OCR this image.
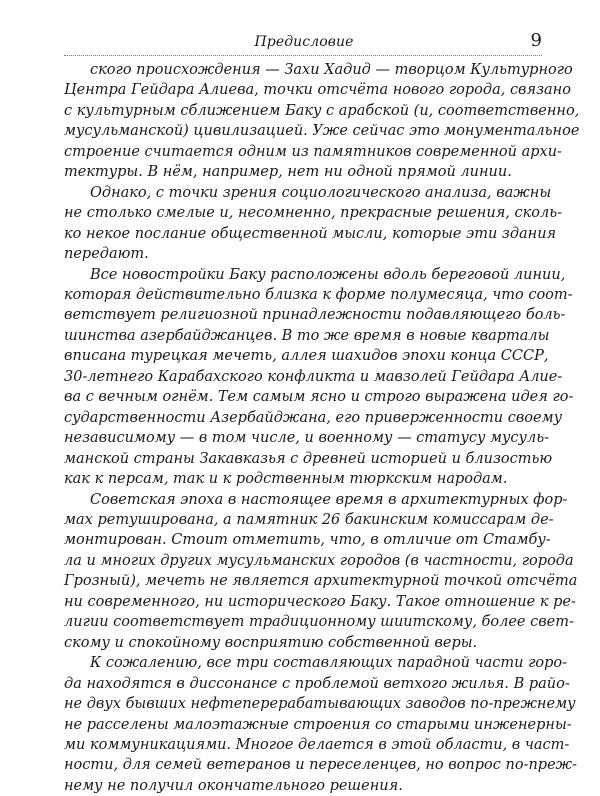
Предисловие	9
ского происхождения — Захи Хадид — творцом Культурного
Центра Гейдара Алиева, точки отсчёта нового города, связано
с культурным сближением Баку с арабской (и, соответственно,
мусульманской) цивилизацией. Уже сейчас это монументальное
строение считается одним из памятников современной архи-
тектуры. В нём, например, нет ни одной прямой линии.
Однако, с точки зрения социологического анализа, важны
не столько смелые и, несомненно, прекрасные решения, сколь-
ко некое послание общественной мысли, которые эти здания
передают.
Все новостройки Баку расположены вдоль береговой линии,
которая действительно близка к форме полумесяца, что соот-
ветствует религиозной принадлежности подавляющего боль-
шинства азербайджанцев. В то же время в новые кварталы
вписана турецкая мечеть, аллея шахидов эпохи конца СССР,
30-летнего Карабахского конфликта и мавзолей Гейдара Алие-
ва с вечным огнём. Тем самым ясно и строго выражена идея го-
сударственности Азербайджана, его приверженности своему
независимому — в том числе, и военному — статусу мусуль-
манской страны Закавказья с древней историей и близостью
как к персам, так и к родственным тюркским народам.
Советская эпоха в настоящее время в архитектурных фор-
мах ретуширована, а памятник 26 бакинским комиссарам де-
монтирован. Стоит отметить, что, в отличие от Стамбу-
ла и многих других мусульманских городов (в частности, города
Грозный), мечеть не является архитектурной точкой отсчёта
ни современного, ни исторического Баку. Такое отношение к ре-
лигии соответствует традиционному шиитскому, более свет-
скому и спокойному восприятию собственной веры.
К сожалению, все три составляющих парадной части горо-
да находятся в диссонансе с проблемой ветхого жилья. В райо-
не двух бывших нефтеперерабатывающих заводов по-прежнему
не расселены малоэтажные строения со старыми инженерны-
ми коммуникациями. Многое делается в этой области, в част-
ности, для семей ветеранов и переселенцев, но вопрос по-преж-
нему не получил окончательного решения.
